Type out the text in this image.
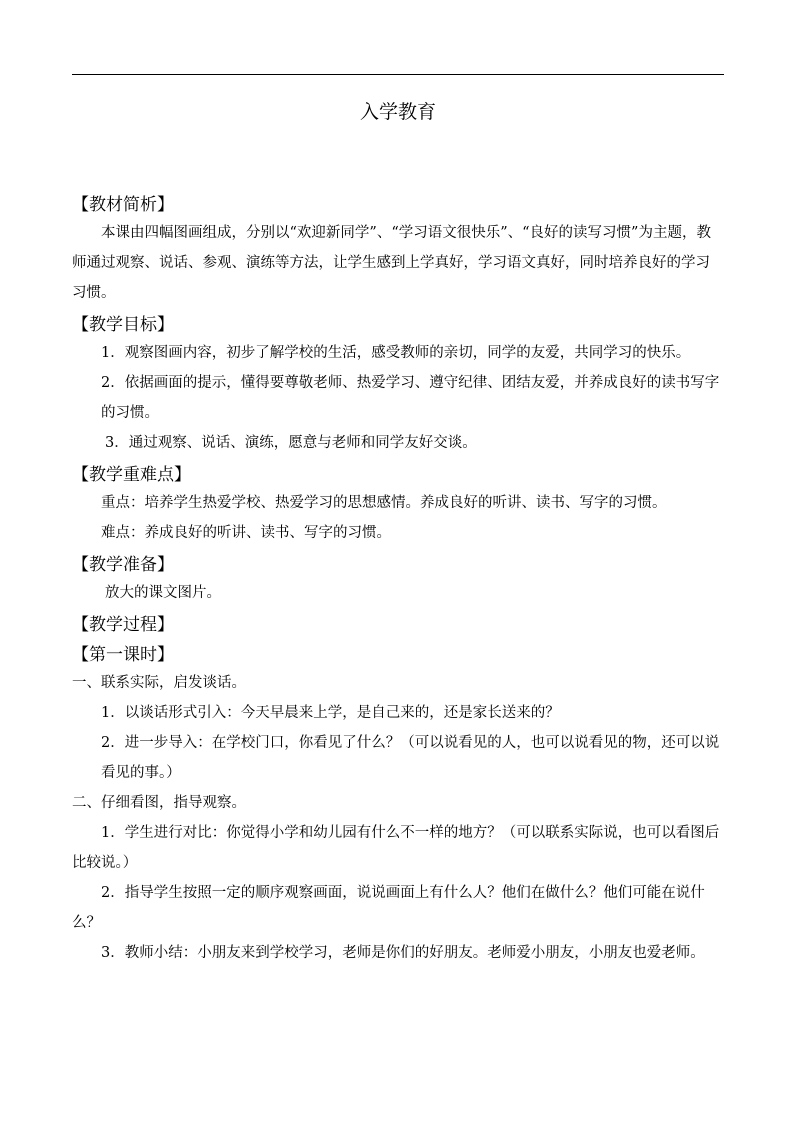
入学教育
【教材简析】

本课由四幅图画组成，分别以“欢迎新同学”、“学习语文很快乐”、“良好的读写习惯”为主题，教师通过观察、说话、参观、演练等方法，让学生感到上学真好，学习语文真好，同时培养良好的学习习惯。

【教学目标】

1．观察图画内容，初步了解学校的生活，感受教师的亲切，同学的友爱，共同学习的快乐。

2．依据画面的提示，懂得要尊敬老师、热爱学习、遵守纪律、团结友爱，并养成良好的读书写字的习惯。

3．通过观察、说话、演练，愿意与老师和同学友好交谈。
【教学重难点】
重点：培养学生热爱学校、热爱学习的思想感情。养成良好的听讲、读书、写字的习惯。
难点：养成良好的听讲、读书、写字的习惯。
【教学准备】
放大的课文图片。
【教学过程】
【第一课时】
一、联系实际，启发谈话。
1．以谈话形式引入：今天早晨来上学，是自己来的，还是家长送来的？

2．进一步导入：在学校门口，你看见了什么？（可以说看见的人，也可以说看见的物，还可以说看见的事。）

二、仔细看图，指导观察。

1．学生进行对比：你觉得小学和幼儿园有什么不一样的地方？（可以联系实际说，也可以看图后比较说。）

2．指导学生按照一定的顺序观察画面，说说画面上有什么人？他们在做什么？他们可能在说什么？

3．教师小结：小朋友来到学校学习，老师是你们的好朋友。老师爱小朋友，小朋友也爱老师。
